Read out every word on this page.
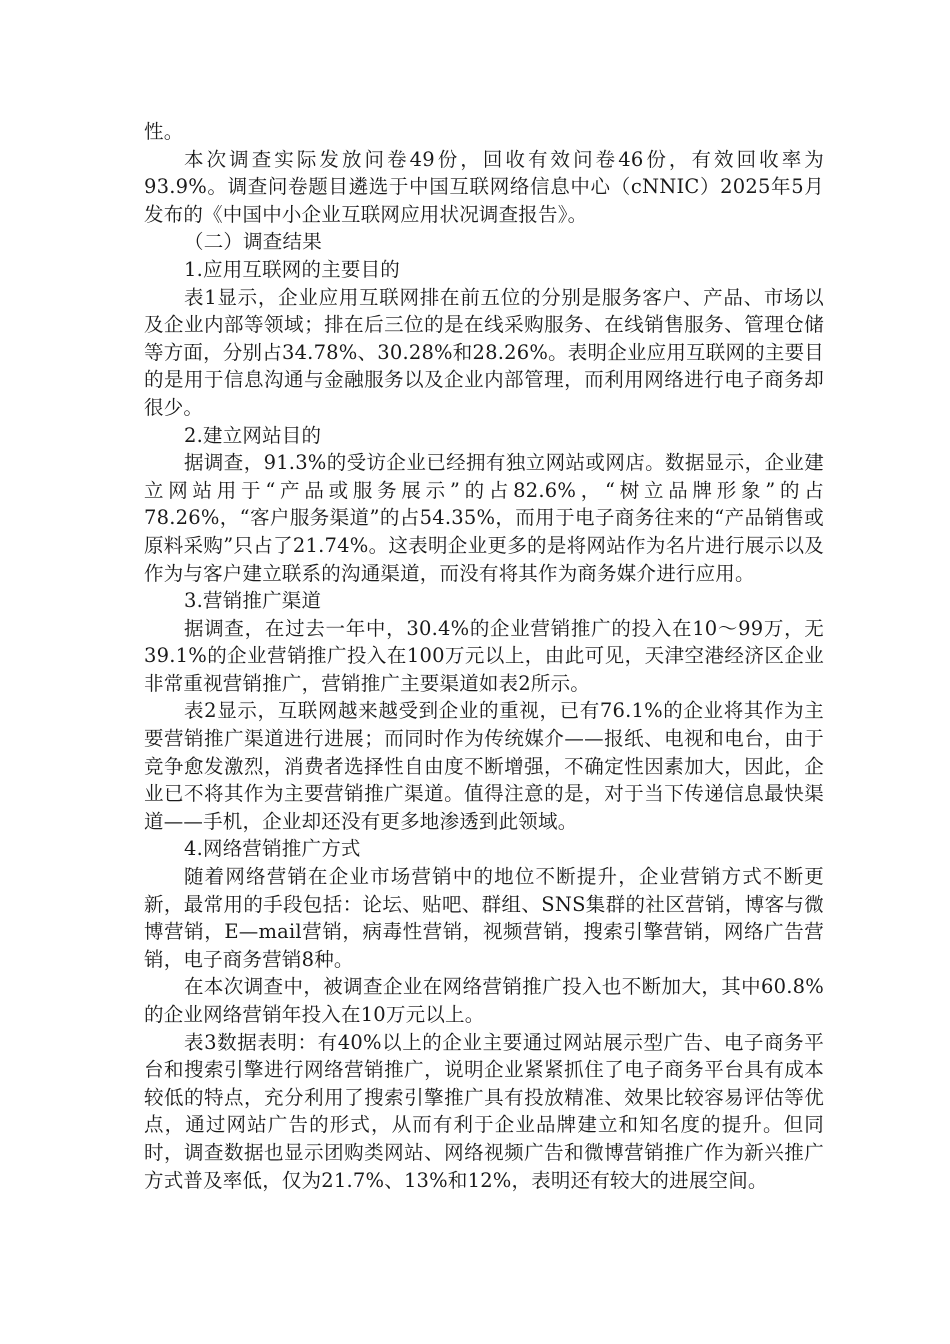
性。

本次调查实际发放问卷49份，回收有效问卷46份，有效回收率为93.9%。调查问卷题目遴选于中国互联网络信息中心（cNNIC）2025年5月发布的《中国中小企业互联网应用状况调查报告》。

（二）调查结果

1.应用互联网的主要目的

表1显示，企业应用互联网排在前五位的分别是服务客户、产品、市场以及企业内部等领域；排在后三位的是在线采购服务、在线销售服务、管理仓储等方面，分别占34.78%、30.28%和28.26%。表明企业应用互联网的主要目的是用于信息沟通与金融服务以及企业内部管理，而利用网络进行电子商务却很少。

2.建立网站目的

据调查，91.3%的受访企业已经拥有独立网站或网店。数据显示，企业建立网站用于“产品或服务展示”的占82.6%，“树立品牌形象”的占78.26%，“客户服务渠道”的占54.35%，而用于电子商务往来的“产品销售或原料采购”只占了21.74%。这表明企业更多的是将网站作为名片进行展示以及作为与客户建立联系的沟通渠道，而没有将其作为商务媒介进行应用。

3.营销推广渠道

据调查，在过去一年中，30.4%的企业营销推广的投入在10～99万，无39.1%的企业营销推广投入在100万元以上，由此可见，天津空港经济区企业非常重视营销推广，营销推广主要渠道如表2所示。

表2显示，互联网越来越受到企业的重视，已有76.1%的企业将其作为主要营销推广渠道进行进展；而同时作为传统媒介——报纸、电视和电台，由于竞争愈发激烈，消费者选择性自由度不断增强，不确定性因素加大，因此，企业已不将其作为主要营销推广渠道。值得注意的是，对于当下传递信息最快渠道——手机，企业却还没有更多地渗透到此领域。

4.网络营销推广方式

随着网络营销在企业市场营销中的地位不断提升，企业营销方式不断更新，最常用的手段包括：论坛、贴吧、群组、SNS集群的社区营销，博客与微博营销，E—mail营销，病毒性营销，视频营销，搜索引擎营销，网络广告营销，电子商务营销8种。

在本次调查中，被调查企业在网络营销推广投入也不断加大，其中60.8%的企业网络营销年投入在10万元以上。

表3数据表明：有40%以上的企业主要通过网站展示型广告、电子商务平台和搜索引擎进行网络营销推广，说明企业紧紧抓住了电子商务平台具有成本较低的特点，充分利用了搜索引擎推广具有投放精准、效果比较容易评估等优点，通过网站广告的形式，从而有利于企业品牌建立和知名度的提升。但同时，调查数据也显示团购类网站、网络视频广告和微博营销推广作为新兴推广方式普及率低，仅为21.7%、13%和12%，表明还有较大的进展空间。
